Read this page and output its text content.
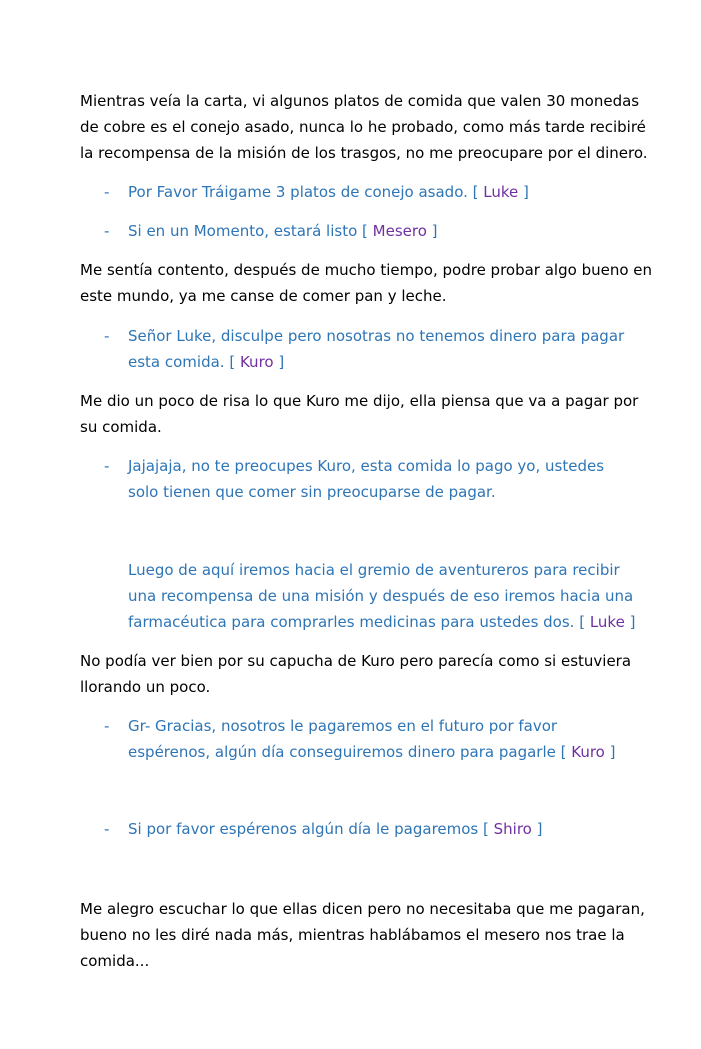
Mientras veía la carta, vi algunos platos de comida que valen 30 monedas
de cobre es el conejo asado, nunca lo he probado, como más tarde recibiré
la recompensa de la misión de los trasgos, no me preocupare por el dinero.

-	Por Favor Tráigame 3 platos de conejo asado. [ Luke ]
-	Si en un Momento, estará listo [ Mesero ]

Me sentía contento, después de mucho tiempo, podre probar algo bueno en
este mundo, ya me canse de comer pan y leche.

-	Señor Luke, disculpe pero nosotras no tenemos dinero para pagar
esta comida. [ Kuro ]

Me dio un poco de risa lo que Kuro me dijo, ella piensa que va a pagar por
su comida.

-	Jajajaja, no te preocupes Kuro, esta comida lo pago yo, ustedes
solo tienen que comer sin preocuparse de pagar.
Luego de aquí iremos hacia el gremio de aventureros para recibir
una recompensa de una misión y después de eso iremos hacia una
farmacéutica para comprarles medicinas para ustedes dos. [ Luke ]

No podía ver bien por su capucha de Kuro pero parecía como si estuviera
llorando un poco.

-	Gr- Gracias, nosotros le pagaremos en el futuro por favor
espérenos, algún día conseguiremos dinero para pagarle [ Kuro ]
-	Si por favor espérenos algún día le pagaremos [ Shiro ]

Me alegro escuchar lo que ellas dicen pero no necesitaba que me pagaran,
bueno no les diré nada más, mientras hablábamos el mesero nos trae la
comida...
